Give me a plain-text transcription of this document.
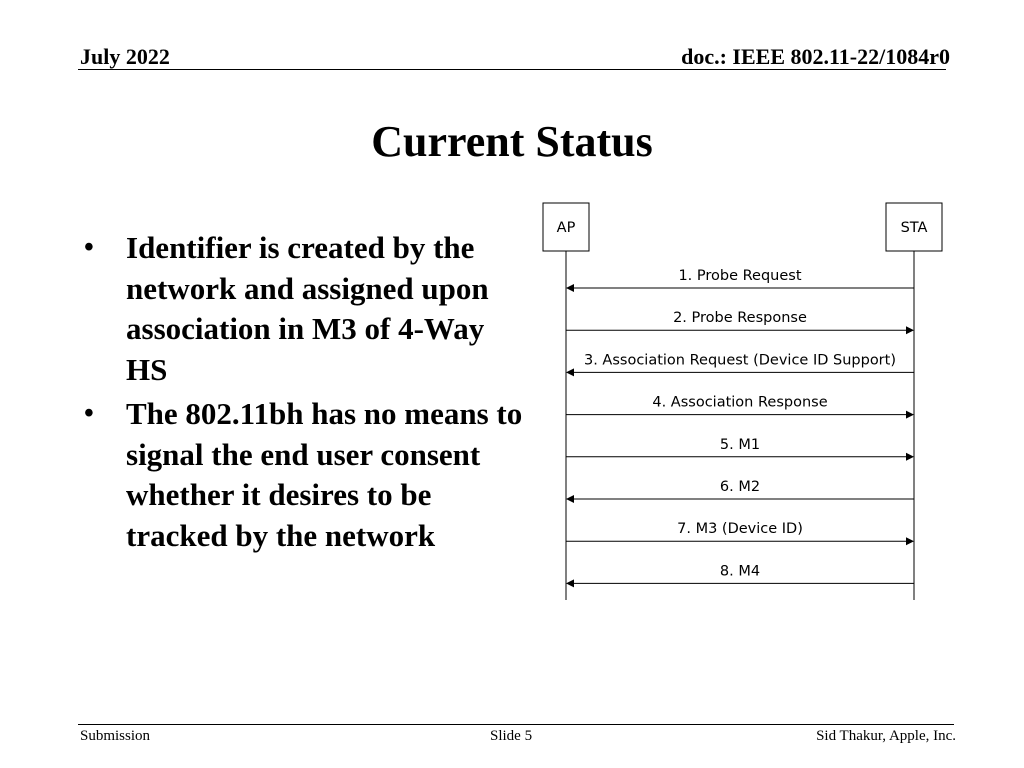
July 2022	doc.: IEEE 802.11-22/1084r0
Current Status
• Identifier is created by the network and assigned upon association in M3 of 4-Way HS
• The 802.11bh has no means to signal the end user consent whether it desires to be tracked by the network
AP	STA
1. Probe Request
2. Probe Response
3. Association Request (Device ID Support)
4. Association Response
5. M1
6. M2
7. M3 (Device ID)
8. M4
Submission	Slide 5	Sid Thakur, Apple, Inc.
